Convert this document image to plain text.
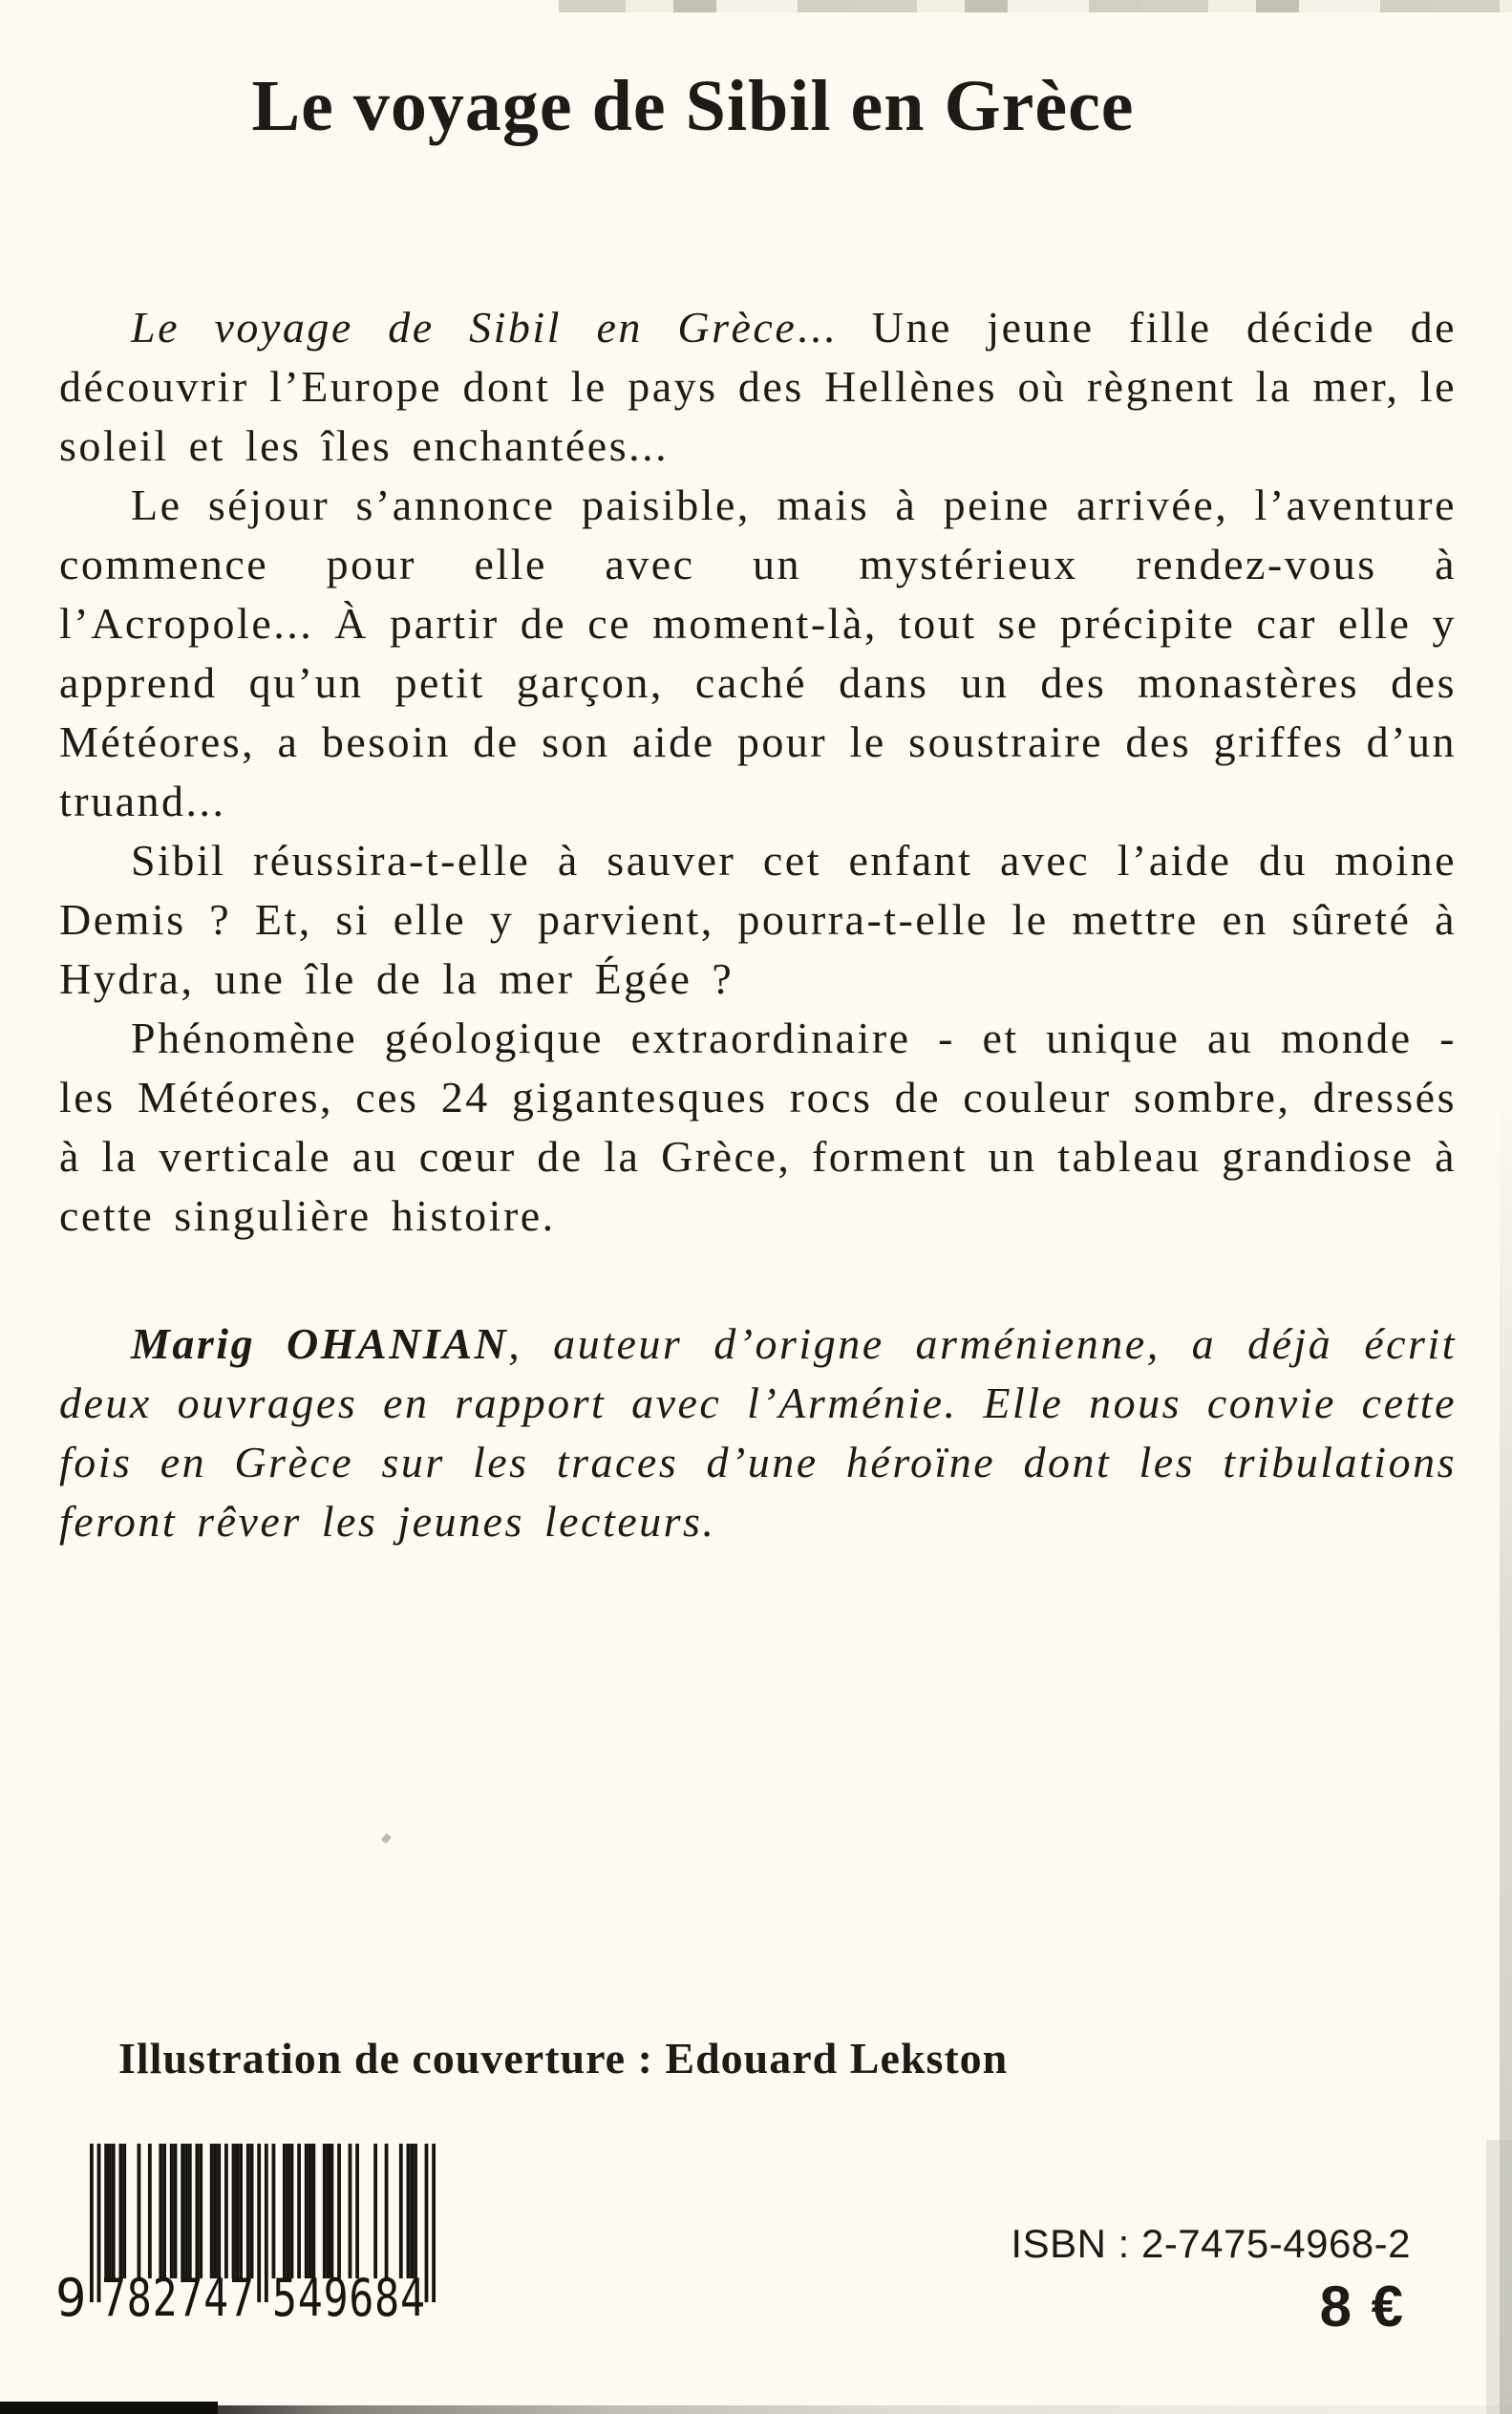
Le voyage de Sibil en Grèce

Le voyage de Sibil en Grèce... Une jeune fille décide de découvrir l’Europe dont le pays des Hellènes où règnent la mer, le soleil et les îles enchantées...

Le séjour s’annonce paisible, mais à peine arrivée, l’aventure commence pour elle avec un mystérieux rendez-vous à l’Acropole... À partir de ce moment-là, tout se précipite car elle y apprend qu’un petit garçon, caché dans un des monastères des Météores, a besoin de son aide pour le soustraire des griffes d’un truand...

Sibil réussira-t-elle à sauver cet enfant avec l’aide du moine Demis ? Et, si elle y parvient, pourra-t-elle le mettre en sûreté à Hydra, une île de la mer Égée ?

Phénomène géologique extraordinaire - et unique au monde - les Météores, ces 24 gigantesques rocs de couleur sombre, dressés à la verticale au cœur de la Grèce, forment un tableau grandiose à cette singulière histoire.

Marig OHANIAN, auteur d’origne arménienne, a déjà écrit deux ouvrages en rapport avec l’Arménie. Elle nous convie cette fois en Grèce sur les traces d’une héroïne dont les tribulations feront rêver les jeunes lecteurs.

Illustration de couverture : Edouard Lekston
9 7 8 2 7 4 7 5 4 9 6 8 4
ISBN : 2-7475-4968-2
8 €
